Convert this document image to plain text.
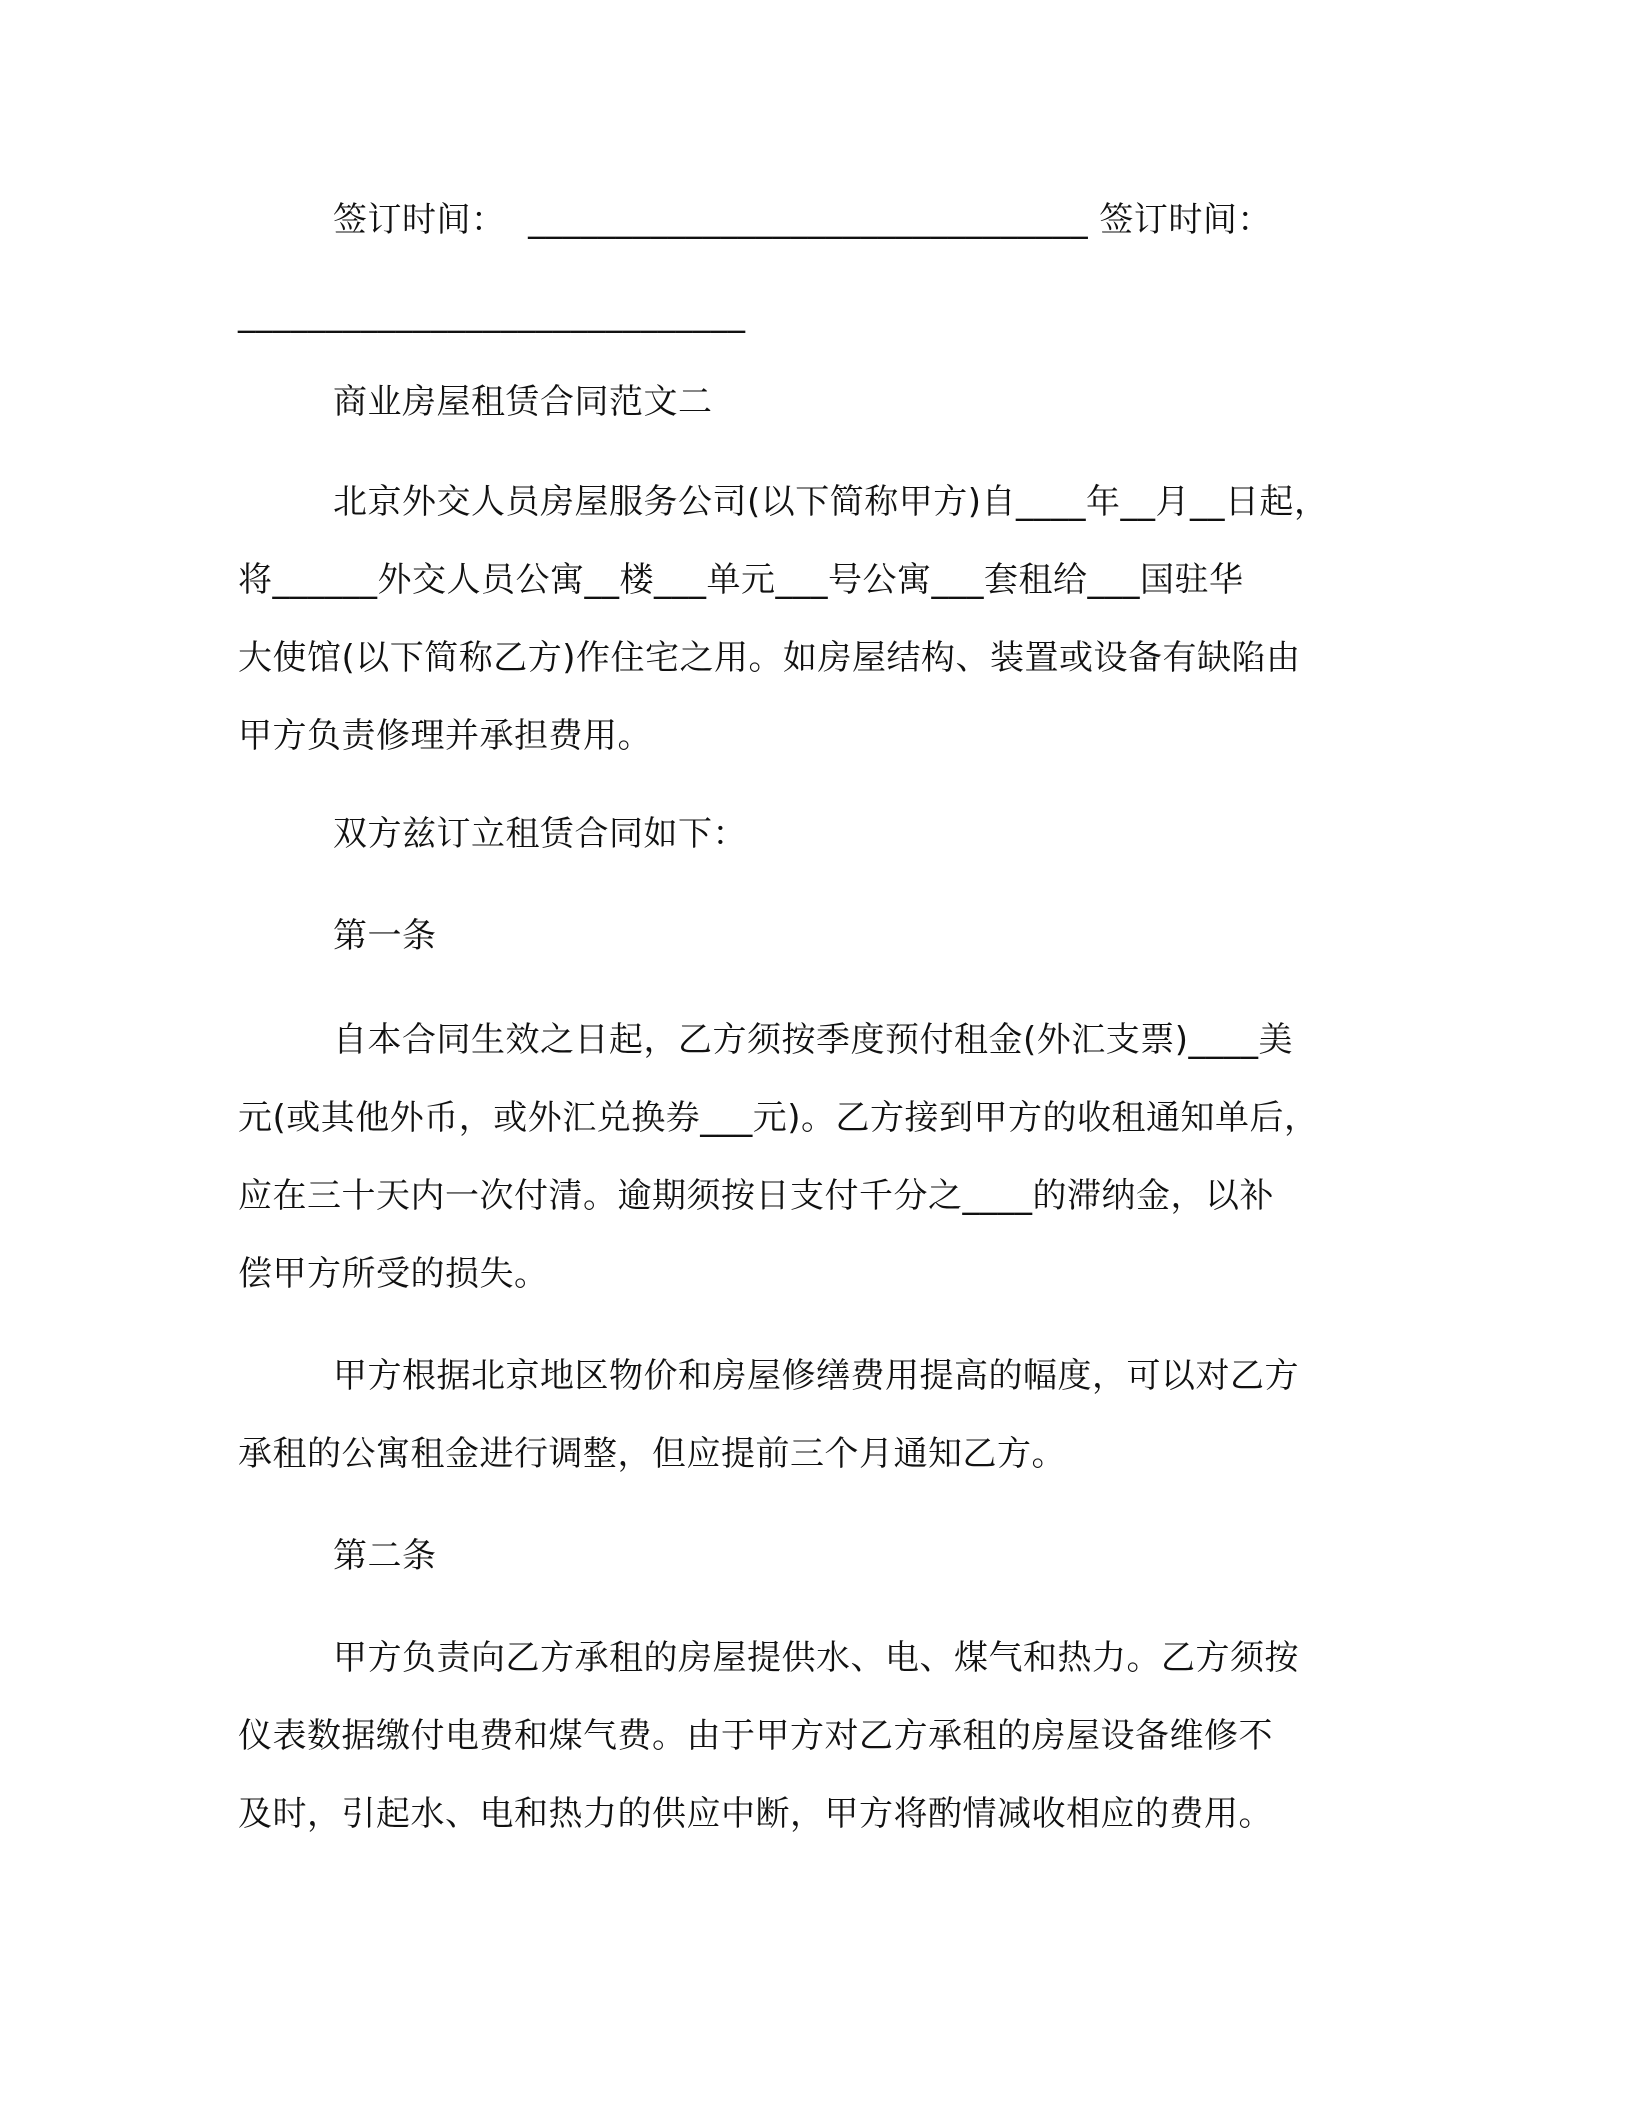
签订时间：  ________________________________ 签订时间：
_____________________________
商业房屋租赁合同范文二
北京外交人员房屋服务公司(以下简称甲方)自____年__月__日起，
将______外交人员公寓__楼___单元___号公寓___套租给___国驻华
大使馆(以下简称乙方)作住宅之用。如房屋结构、装置或设备有缺陷由
甲方负责修理并承担费用。
双方兹订立租赁合同如下：
第一条
自本合同生效之日起，乙方须按季度预付租金(外汇支票)____美
元(或其他外币，或外汇兑换券___元)。乙方接到甲方的收租通知单后，
应在三十天内一次付清。逾期须按日支付千分之____的滞纳金，以补
偿甲方所受的损失。
甲方根据北京地区物价和房屋修缮费用提高的幅度，可以对乙方
承租的公寓租金进行调整，但应提前三个月通知乙方。
第二条
甲方负责向乙方承租的房屋提供水、电、煤气和热力。乙方须按
仪表数据缴付电费和煤气费。由于甲方对乙方承租的房屋设备维修不
及时，引起水、电和热力的供应中断，甲方将酌情减收相应的费用。
